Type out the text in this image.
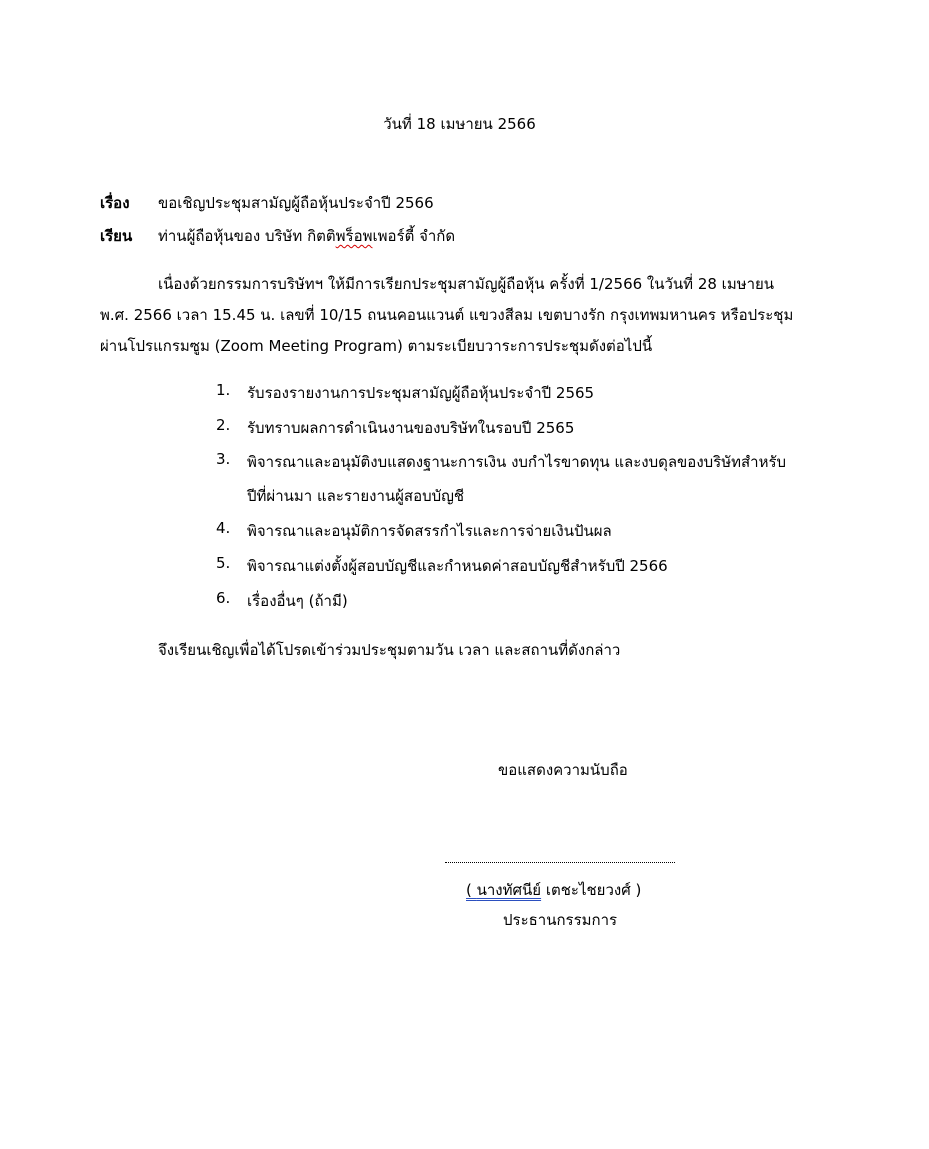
วันที่ 18 เมษายน 2566
เรื่อง ขอเชิญประชุมสามัญผู้ถือหุ้นประจำปี 2566
เรียน ท่านผู้ถือหุ้นของ บริษัท กิตติพร็อพเพอร์ตี้ จำกัด
เนื่องด้วยกรรมการบริษัทฯ ให้มีการเรียกประชุมสามัญผู้ถือหุ้น ครั้งที่ 1/2566 ในวันที่ 28 เมษายน
พ.ศ. 2566 เวลา 15.45 น. เลขที่ 10/15 ถนนคอนแวนต์ แขวงสีลม เขตบางรัก กรุงเทพมหานคร หรือประชุม
ผ่านโปรแกรมซูม (Zoom Meeting Program) ตามระเบียบวาระการประชุมดังต่อไปนี้
1. รับรองรายงานการประชุมสามัญผู้ถือหุ้นประจำปี 2565
2. รับทราบผลการดำเนินงานของบริษัทในรอบปี 2565
3. พิจารณาและอนุมัติงบแสดงฐานะการเงิน งบกำไรขาดทุน และงบดุลของบริษัทสำหรับ
ปีที่ผ่านมา และรายงานผู้สอบบัญชี
4. พิจารณาและอนุมัติการจัดสรรกำไรและการจ่ายเงินปันผล
5. พิจารณาแต่งตั้งผู้สอบบัญชีและกำหนดค่าสอบบัญชีสำหรับปี 2566
6. เรื่องอื่นๆ (ถ้ามี)
จึงเรียนเชิญเพื่อได้โปรดเข้าร่วมประชุมตามวัน เวลา และสถานที่ดังกล่าว
ขอแสดงความนับถือ
( นางทัศนีย์ เตชะไชยวงศ์ )
ประธานกรรมการ
